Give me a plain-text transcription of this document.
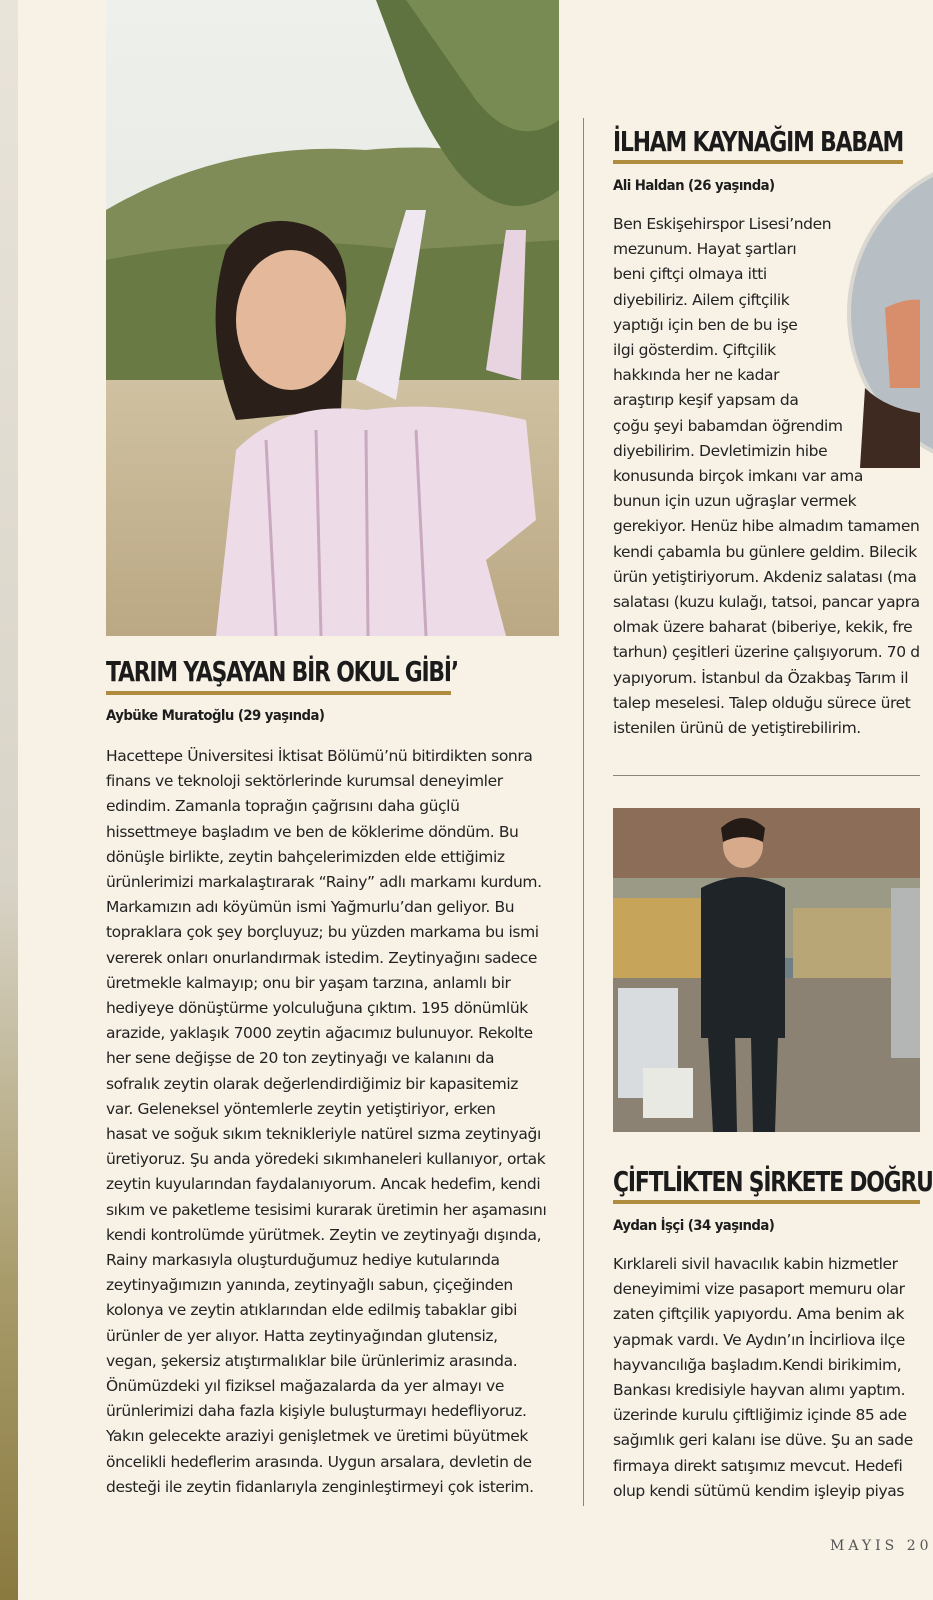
TARIM YAŞAYAN BİR OKUL GİBİ’

Aybüke Muratoğlu (29 yaşında)

Hacettepe Üniversitesi İktisat Bölümü’nü bitirdikten sonra

finans ve teknoloji sektörlerinde kurumsal deneyimler

edindim. Zamanla toprağın çağrısını daha güçlü

hissettmeye başladım ve ben de köklerime döndüm. Bu

dönüşle birlikte, zeytin bahçelerimizden elde ettiğimiz

ürünlerimizi markalaştırarak “Rainy” adlı markamı kurdum.

Markamızın adı köyümün ismi Yağmurlu’dan geliyor. Bu

topraklara çok şey borçluyuz; bu yüzden markama bu ismi

vererek onları onurlandırmak istedim. Zeytinyağını sadece

üretmekle kalmayıp; onu bir yaşam tarzına, anlamlı bir

hediyeye dönüştürme yolculuğuna çıktım. 195 dönümlük

arazide, yaklaşık 7000 zeytin ağacımız bulunuyor. Rekolte

her sene değişse de 20 ton zeytinyağı ve kalanını da

sofralık zeytin olarak değerlendirdiğimiz bir kapasitemiz

var. Geleneksel yöntemlerle zeytin yetiştiriyor, erken

hasat ve soğuk sıkım teknikleriyle natürel sızma zeytinyağı

üretiyoruz. Şu anda yöredeki sıkımhaneleri kullanıyor, ortak

zeytin kuyularından faydalanıyorum. Ancak hedefim, kendi

sıkım ve paketleme tesisimi kurarak üretimin her aşamasını

kendi kontrolümde yürütmek. Zeytin ve zeytinyağı dışında,

Rainy markasıyla oluşturduğumuz hediye kutularında

zeytinyağımızın yanında, zeytinyağlı sabun, çiçeğinden

kolonya ve zeytin atıklarından elde edilmiş tabaklar gibi

ürünler de yer alıyor. Hatta zeytinyağından glutensiz,

vegan, şekersiz atıştırmalıklar bile ürünlerimiz arasında.

Önümüzdeki yıl fiziksel mağazalarda da yer almayı ve

ürünlerimizi daha fazla kişiyle buluşturmayı hedefliyoruz.

Yakın gelecekte araziyi genişletmek ve üretimi büyütmek

öncelikli hedeflerim arasında. Uygun arsalara, devletin de

desteği ile zeytin fidanlarıyla zenginleştirmeyi çok isterim.

İLHAM KAYNAĞIM BABAM

Ali Haldan (26 yaşında)

Ben Eskişehirspor Lisesi’nden

mezunum. Hayat şartları

beni çiftçi olmaya itti

diyebiliriz. Ailem çiftçilik

yaptığı için ben de bu işe

ilgi gösterdim. Çiftçilik

hakkında her ne kadar

araştırıp keşif yapsam da

çoğu şeyi babamdan öğrendim

diyebilirim. Devletimizin hibe

konusunda birçok imkanı var ama

bunun için uzun uğraşlar vermek

gerekiyor. Henüz hibe almadım tamamen

kendi çabamla bu günlere geldim. Bilecik

ürün yetiştiriyorum. Akdeniz salatası (ma

salatası (kuzu kulağı, tatsoi, pancar yapra

olmak üzere baharat (biberiye, kekik, fre

tarhun) çeşitleri üzerine çalışıyorum. 70 d

yapıyorum. İstanbul da Özakbaş Tarım il

talep meselesi. Talep olduğu sürece üret

istenilen ürünü de yetiştirebilirim.

ÇİFTLİKTEN ŞİRKETE DOĞRU

Aydan İşçi (34 yaşında)

Kırklareli sivil havacılık kabin hizmetler

deneyimimi vize pasaport memuru olar

zaten çiftçilik yapıyordu. Ama benim ak

yapmak vardı. Ve Aydın’ın İncirliova ilçe

hayvancılığa başladım.Kendi birikimim,

Bankası kredisiyle hayvan alımı yaptım.

üzerinde kurulu çiftliğimiz içinde 85 ade

sağımlık geri kalanı ise düve. Şu an sade

firmaya direkt satışımız mevcut. Hedefi

olup kendi sütümü kendim işleyip piyas

MAYIS 20
